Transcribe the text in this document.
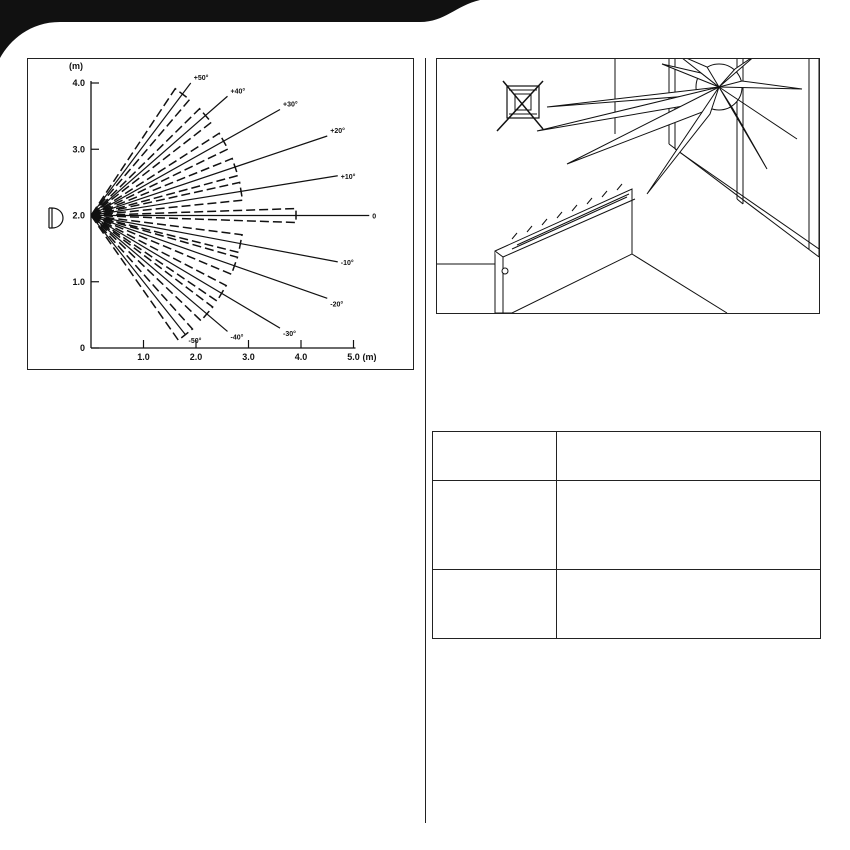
0
1.0
2.0
3.0
4.0
1.0	2.0	3.0	4.0	5.0
(m)
(m)
+50°
+40°
+30°
+20°
+10°
0
-10°
-20°
-30°
-40°
-50°
